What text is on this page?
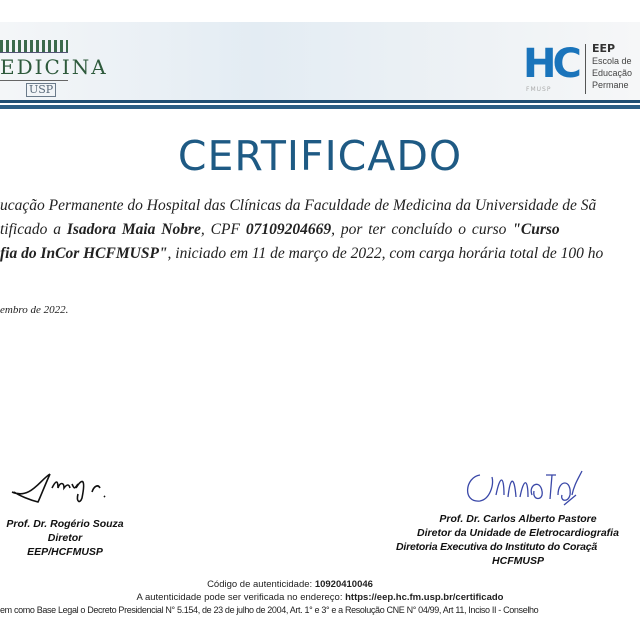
EDICINA
USP
HC
FMUSP
EEP
Escola de
Educação
Permane
CERTIFICADO
ucação Permanente do Hospital das Clínicas da Faculdade de Medicina da Universidade de Sã
tificado a Isadora Maia Nobre, CPF 07109204669, por ter concluído o curso "Curso
fia do InCor HCFMUSP", iniciado em 11 de março de 2022, com carga horária total de 100 ho
embro de 2022.
Prof. Dr. Rogério Souza
Diretor
EEP/HCFMUSP
Prof. Dr. Carlos Alberto Pastore
Diretor da Unidade de Eletrocardiografia
Diretoria Executiva do Instituto do Coraçã
HCFMUSP
Código de autenticidade: 10920410046
A autenticidade pode ser verificada no endereço: https://eep.hc.fm.usp.br/certificado
em como Base Legal o Decreto Presidencial N° 5.154, de 23 de julho de 2004, Art. 1° e 3° e a Resolução CNE N° 04/99, Art 11, Inciso II - Conselho
